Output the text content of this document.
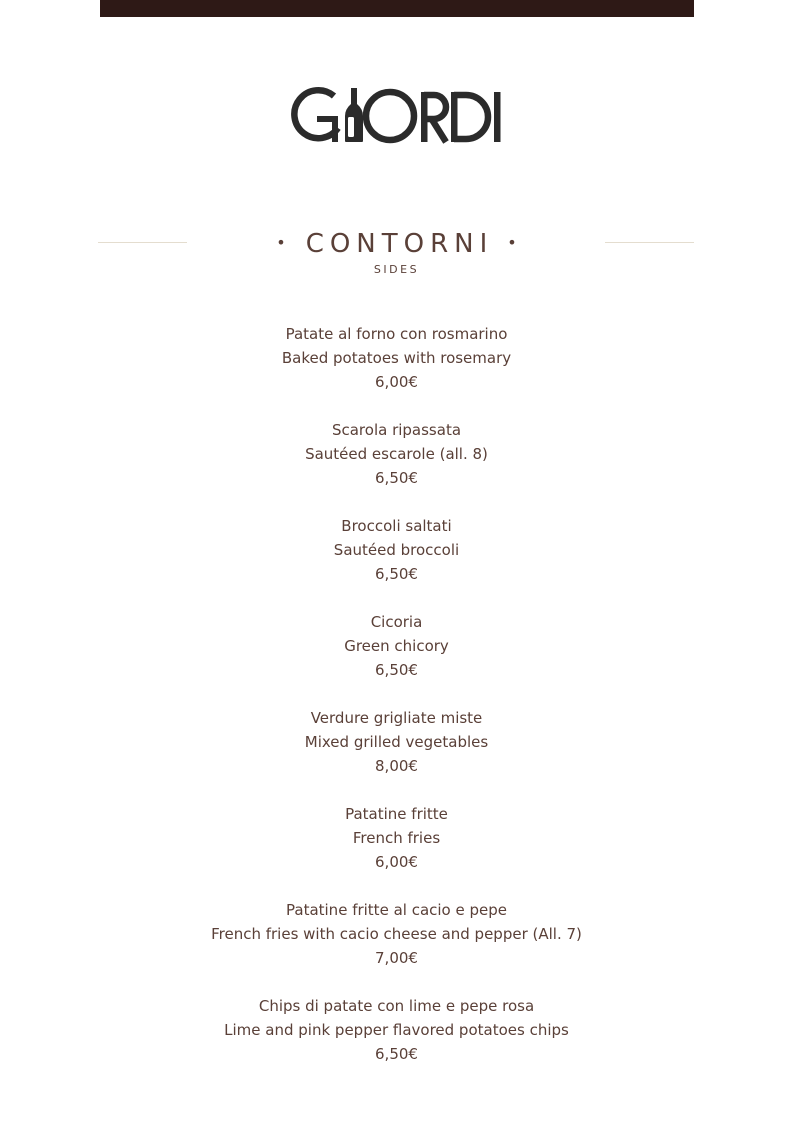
• CONTORNI •
SIDES
Patate al forno con rosmarino
Baked potatoes with rosemary
6,00€
Scarola ripassata
Sautéed escarole (all. 8)
6,50€
Broccoli saltati
Sautéed broccoli
6,50€
Cicoria
Green chicory
6,50€
Verdure grigliate miste
Mixed grilled vegetables
8,00€
Patatine fritte
French fries
6,00€
Patatine fritte al cacio e pepe
French fries with cacio cheese and pepper (All. 7)
7,00€
Chips di patate con lime e pepe rosa
Lime and pink pepper flavored potatoes chips
6,50€
